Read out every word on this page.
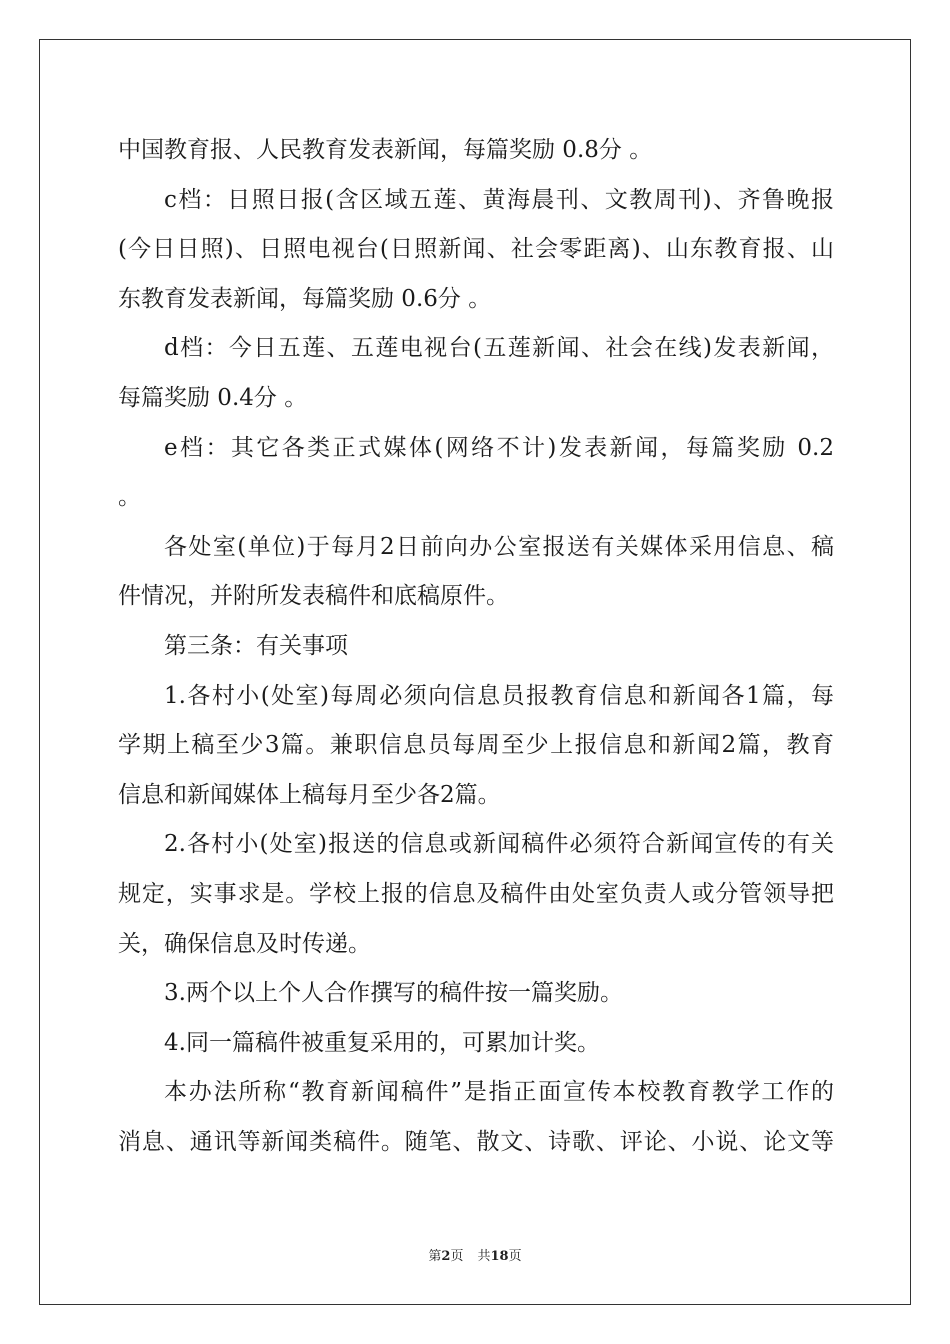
中国教育报、人民教育发表新闻，每篇奖励 0.8分 。
c档：日照日报(含区域五莲、黄海晨刊、文教周刊)、齐鲁晚报
(今日日照)、日照电视台(日照新闻、社会零距离)、山东教育报、山
东教育发表新闻，每篇奖励 0.6分 。
d档：今日五莲、五莲电视台(五莲新闻、社会在线)发表新闻，
每篇奖励 0.4分 。
e档：其它各类正式媒体(网络不计)发表新闻，每篇奖励 0.2
。
各处室(单位)于每月2日前向办公室报送有关媒体采用信息、稿
件情况，并附所发表稿件和底稿原件。
第三条：有关事项
1.各村小(处室)每周必须向信息员报教育信息和新闻各1篇，每
学期上稿至少3篇。兼职信息员每周至少上报信息和新闻2篇，教育
信息和新闻媒体上稿每月至少各2篇。
2.各村小(处室)报送的信息或新闻稿件必须符合新闻宣传的有关
规定，实事求是。学校上报的信息及稿件由处室负责人或分管领导把
关，确保信息及时传递。
3.两个以上个人合作撰写的稿件按一篇奖励。
4.同一篇稿件被重复采用的，可累加计奖。
本办法所称“教育新闻稿件”是指正面宣传本校教育教学工作的
消息、通讯等新闻类稿件。随笔、散文、诗歌、评论、小说、论文等
第2页 共18页
